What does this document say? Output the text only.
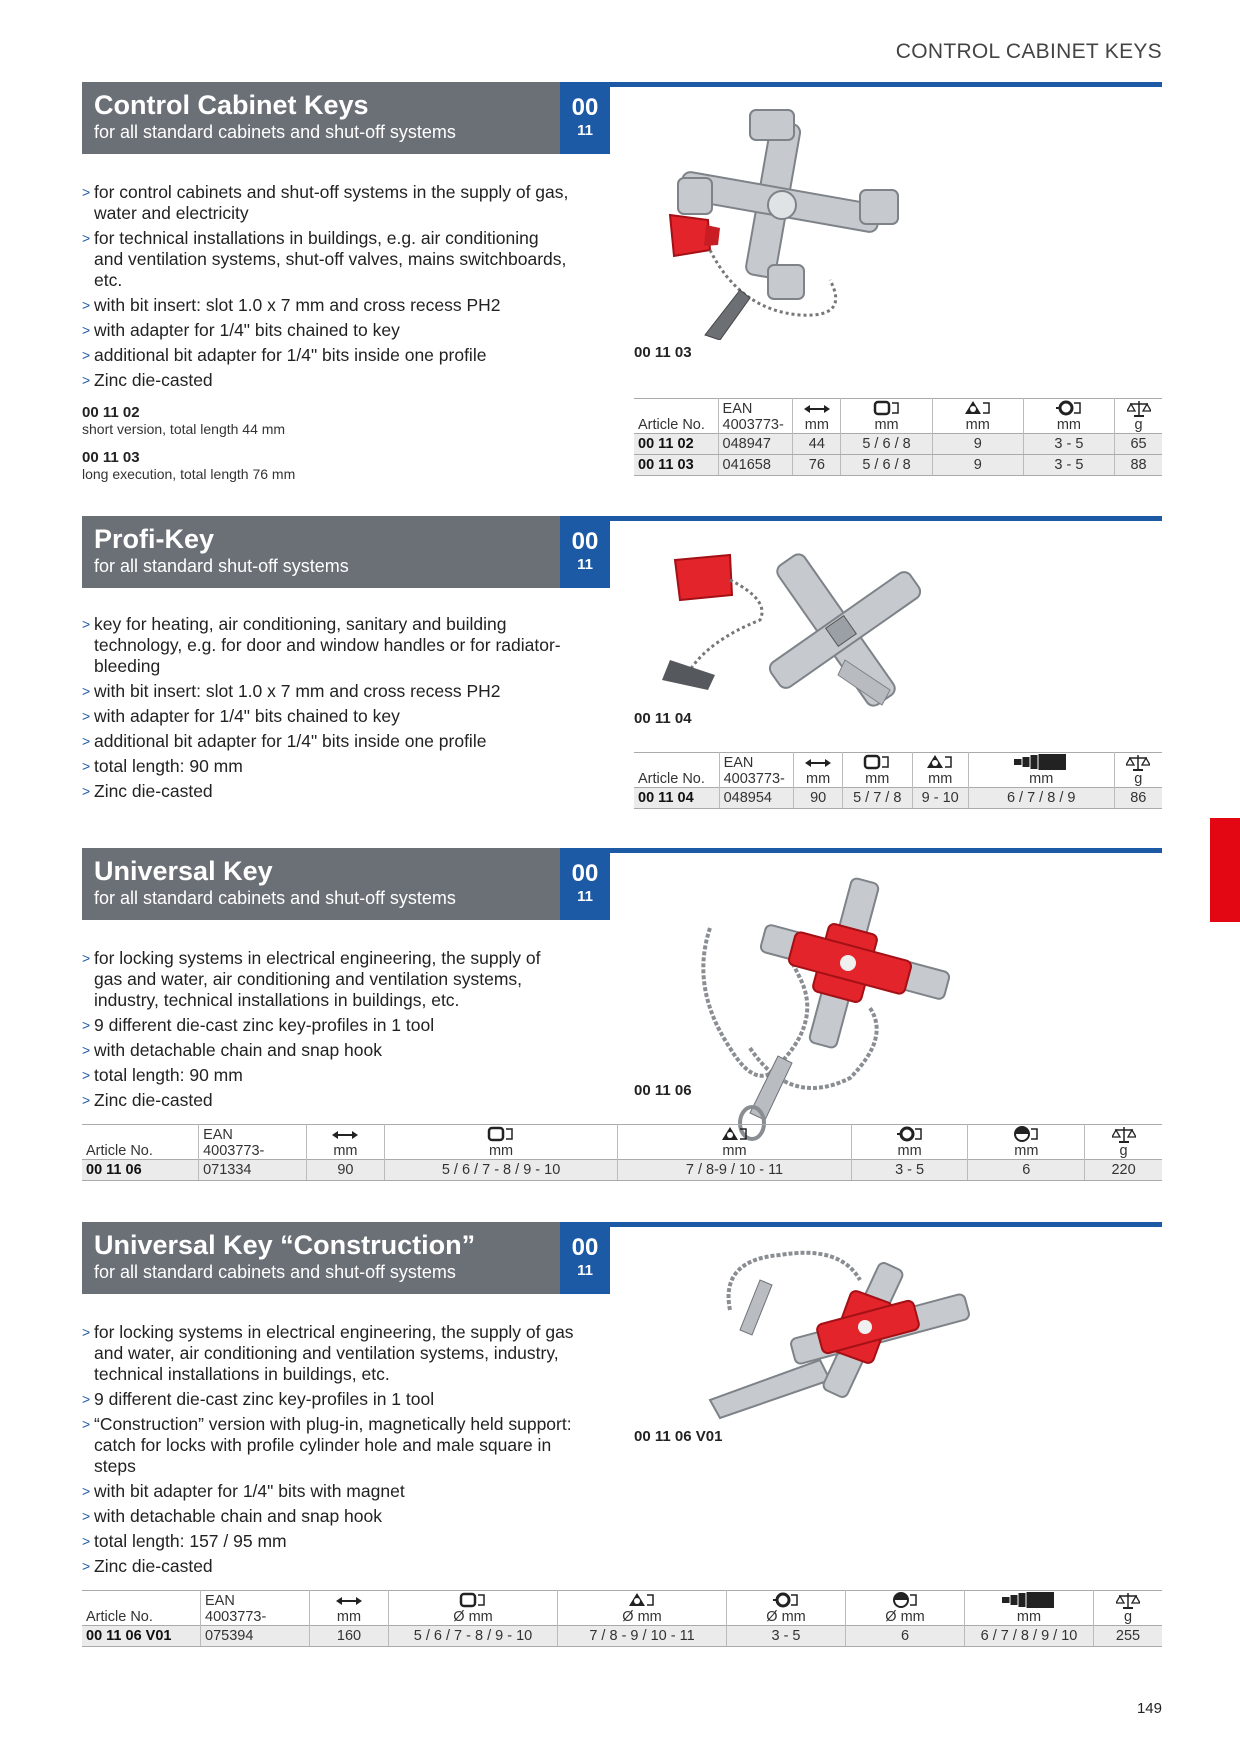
CONTROL CABINET KEYS
Control Cabinet Keys
for all standard cabinets and shut-off systems
00
11
> for control cabinets and shut-off systems in the supply of gas, water and electricity
> for technical installations in buildings, e.g. air conditioning and ventilation systems, shut-off valves, mains switchboards, etc.
> with bit insert: slot 1.0 x 7 mm and cross recess PH2
> with adapter for 1/4" bits chained to key
> additional bit adapter for 1/4" bits inside one profile
> Zinc die-casted
00 11 02
short version, total length 44 mm
00 11 03
long execution, total length 76 mm
00 11 03

Article No.	EAN
4003773-	mm	mm	mm	mm	g
00 11 02	048947	44	5 / 6 / 8	9	3 - 5	65
00 11 03	041658	76	5 / 6 / 8	9	3 - 5	88
Profi-Key
for all standard shut-off systems
00
11
> key for heating, air conditioning, sanitary and building technology, e.g. for door and window handles or for radiator-bleeding
> with bit insert: slot 1.0 x 7 mm and cross recess PH2
> with adapter for 1/4" bits chained to key
> additional bit adapter for 1/4" bits inside one profile
> total length: 90 mm
> Zinc die-casted
00 11 04

Article No.	EAN
4003773-	mm	mm	mm	mm	g
00 11 04	048954	90	5 / 7 / 8	9 - 10	6 / 7 / 8 / 9	86
Universal Key
for all standard cabinets and shut-off systems
00
11
> for locking systems in electrical engineering, the supply of gas and water, air conditioning and ventilation systems, industry, technical installations in buildings, etc.
> 9 different die-cast zinc key-profiles in 1 tool
> with detachable chain and snap hook
> total length: 90 mm
> Zinc die-casted	00 11 06

Article No.	EAN
4003773-	mm	mm	mm	mm	mm	g
00 11 06	071334	90	5 / 6 / 7 - 8 / 9 - 10	7 / 8-9 / 10 - 11	3 - 5	6	220
Universal Key “Construction”
for all standard cabinets and shut-off systems
00
11
> for locking systems in electrical engineering, the supply of gas and water, air conditioning and ventilation systems, industry, technical installations in buildings, etc.
> 9 different die-cast zinc key-profiles in 1 tool
> “Construction” version with plug-in, magnetically held support: catch for locks with profile cylinder hole and male square in steps
> with bit adapter for 1/4" bits with magnet
> with detachable chain and snap hook
> total length: 157 / 95 mm
> Zinc die-casted
00 11 06 V01

Article No.	EAN
4003773-	mm	Ø mm	Ø mm	Ø mm	Ø mm	mm	g
00 11 06 V01	075394	160	5 / 6 / 7 - 8 / 9 - 10	7 / 8 - 9 / 10 - 11	3 - 5	6	6 / 7 / 8 / 9 / 10	255
149
